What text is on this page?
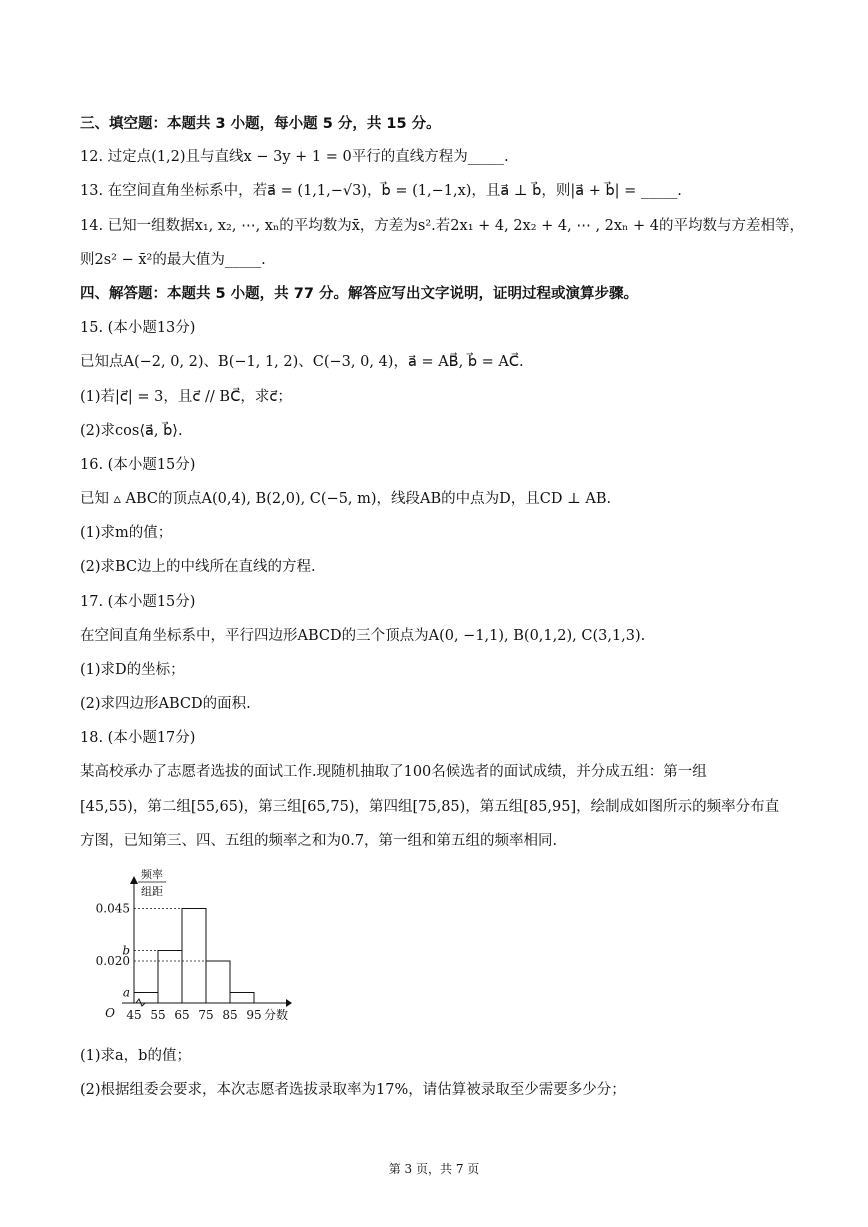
三、填空题：本题共 3 小题，每小题 5 分，共 15 分。
12. 过定点(1,2)且与直线x − 3y + 1 = 0平行的直线方程为_____.
13. 在空间直角坐标系中，若a⃗ = (1,1,−√3)，b⃗ = (1,−1,x)，且a⃗ ⊥ b⃗，则|a⃗ + b⃗| = _____.
14. 已知一组数据x₁, x₂, ⋯, xₙ的平均数为x̄，方差为s².若2x₁ + 4, 2x₂ + 4, ⋯ , 2xₙ + 4的平均数与方差相等，
则2s² − x̄²的最大值为_____.
四、解答题：本题共 5 小题，共 77 分。解答应写出文字说明，证明过程或演算步骤。
15. (本小题13分)
已知点A(−2, 0, 2)、B(−1, 1, 2)、C(−3, 0, 4)，a⃗ = AB⃗, b⃗ = AC⃗.
(1)若|c⃗| = 3，且c⃗ // BC⃗，求c⃗；
(2)求cos⟨a⃗, b⃗⟩.
16. (本小题15分)
已知 ▵ ABC的顶点A(0,4), B(2,0), C(−5, m)，线段AB的中点为D，且CD ⊥ AB.
(1)求m的值；
(2)求BC边上的中线所在直线的方程.
17. (本小题15分)
在空间直角坐标系中，平行四边形ABCD的三个顶点为A(0, −1,1), B(0,1,2), C(3,1,3).
(1)求D的坐标；
(2)求四边形ABCD的面积.
18. (本小题17分)
某高校承办了志愿者选拔的面试工作.现随机抽取了100名候选者的面试成绩，并分成五组：第一组
[45,55)，第二组[55,65)，第三组[65,75)，第四组[75,85)，第五组[85,95]，绘制成如图所示的频率分布直
方图，已知第三、四、五组的频率之和为0.7，第一组和第五组的频率相同.
0.045
b
0.020
a
45 55 65 75 85 95 分数
O
频率
组距
(1)求a，b的值；
(2)根据组委会要求，本次志愿者选拔录取率为17%，请估算被录取至少需要多少分；
第 3 页，共 7 页
